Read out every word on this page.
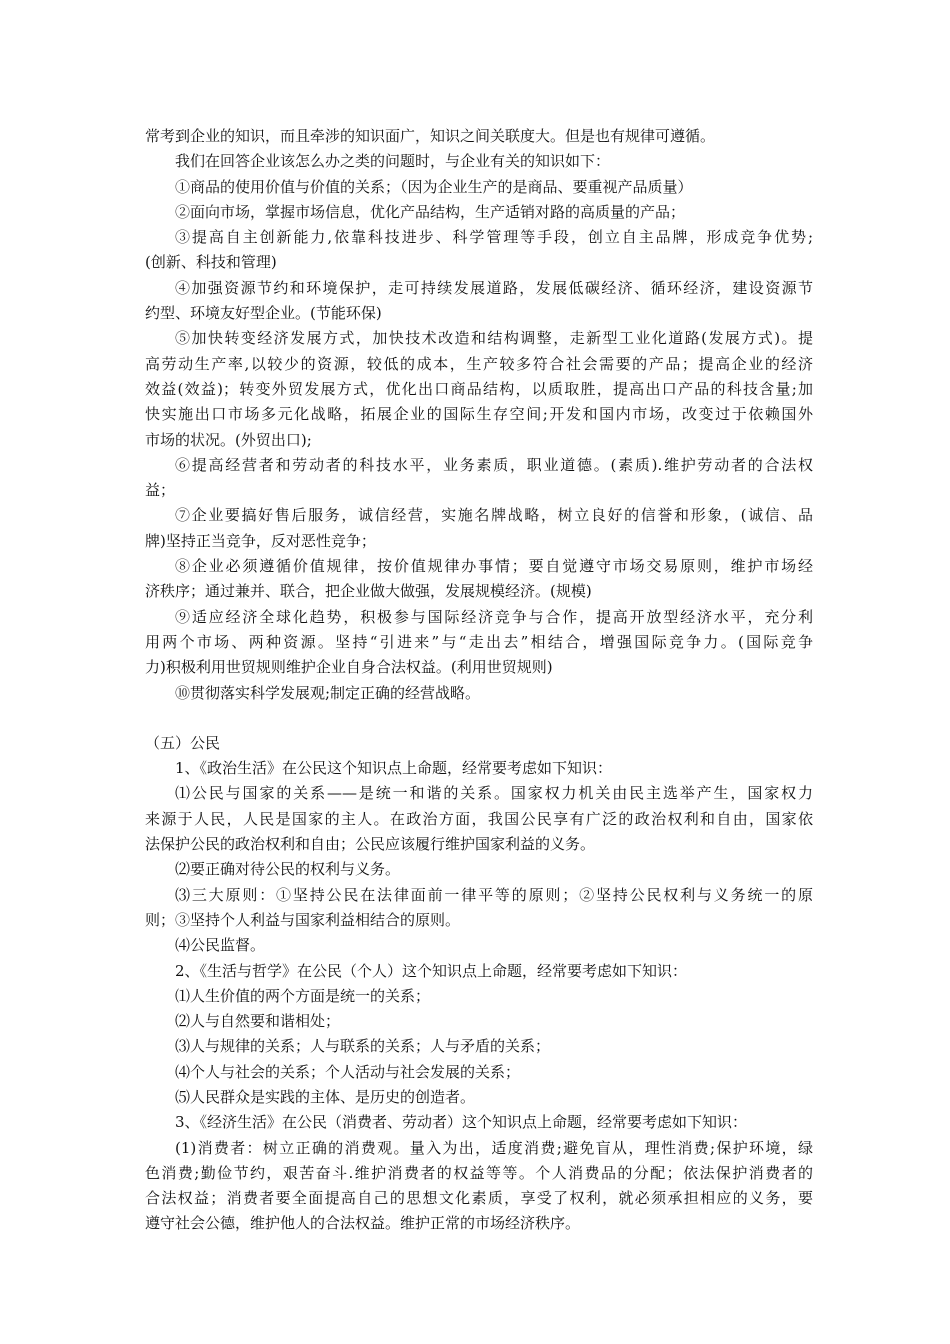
常考到企业的知识，而且牵涉的知识面广，知识之间关联度大。但是也有规律可遵循。
我们在回答企业该怎么办之类的问题时，与企业有关的知识如下：
①商品的使用价值与价值的关系；（因为企业生产的是商品、要重视产品质量）
②面向市场，掌握市场信息，优化产品结构，生产适销对路的高质量的产品；
③提高自主创新能力,依靠科技进步、科学管理等手段，创立自主品牌，形成竞争优势;
(创新、科技和管理)
④加强资源节约和环境保护，走可持续发展道路，发展低碳经济、循环经济，建设资源节
约型、环境友好型企业。(节能环保)
⑤加快转变经济发展方式，加快技术改造和结构调整，走新型工业化道路(发展方式)。提
高劳动生产率,以较少的资源，较低的成本，生产较多符合社会需要的产品；提高企业的经济
效益(效益)；转变外贸发展方式，优化出口商品结构，以质取胜，提高出口产品的科技含量;加
快实施出口市场多元化战略，拓展企业的国际生存空间;开发和国内市场，改变过于依赖国外
市场的状况。(外贸出口);
⑥提高经营者和劳动者的科技水平，业务素质，职业道德。(素质).维护劳动者的合法权
益；
⑦企业要搞好售后服务，诚信经营，实施名牌战略，树立良好的信誉和形象，(诚信、品
牌)坚持正当竞争，反对恶性竞争；
⑧企业必须遵循价值规律，按价值规律办事情；要自觉遵守市场交易原则，维护市场经
济秩序；通过兼并、联合，把企业做大做强，发展规模经济。(规模)
⑨适应经济全球化趋势，积极参与国际经济竞争与合作，提高开放型经济水平，充分利
用两个市场、两种资源。坚持“引进来”与“走出去”相结合，增强国际竞争力。(国际竞争
力)积极利用世贸规则维护企业自身合法权益。(利用世贸规则)
⑩贯彻落实科学发展观;制定正确的经营战略。
（五）公民
1、《政治生活》在公民这个知识点上命题，经常要考虑如下知识：
⑴公民与国家的关系——是统一和谐的关系。国家权力机关由民主选举产生，国家权力
来源于人民，人民是国家的主人。在政治方面，我国公民享有广泛的政治权利和自由，国家依
法保护公民的政治权利和自由；公民应该履行维护国家利益的义务。
⑵要正确对待公民的权利与义务。
⑶三大原则：①坚持公民在法律面前一律平等的原则；②坚持公民权利与义务统一的原
则；③坚持个人利益与国家利益相结合的原则。
⑷公民监督。
2、《生活与哲学》在公民（个人）这个知识点上命题，经常要考虑如下知识：
⑴人生价值的两个方面是统一的关系；
⑵人与自然要和谐相处；
⑶人与规律的关系；人与联系的关系；人与矛盾的关系；
⑷个人与社会的关系；个人活动与社会发展的关系；
⑸人民群众是实践的主体、是历史的创造者。
3、《经济生活》在公民（消费者、劳动者）这个知识点上命题，经常要考虑如下知识：
(1)消费者：树立正确的消费观。量入为出，适度消费;避免盲从，理性消费;保护环境，绿
色消费;勤俭节约，艰苦奋斗.维护消费者的权益等等。个人消费品的分配；依法保护消费者的
合法权益；消费者要全面提高自己的思想文化素质，享受了权利，就必须承担相应的义务，要
遵守社会公德，维护他人的合法权益。维护正常的市场经济秩序。
